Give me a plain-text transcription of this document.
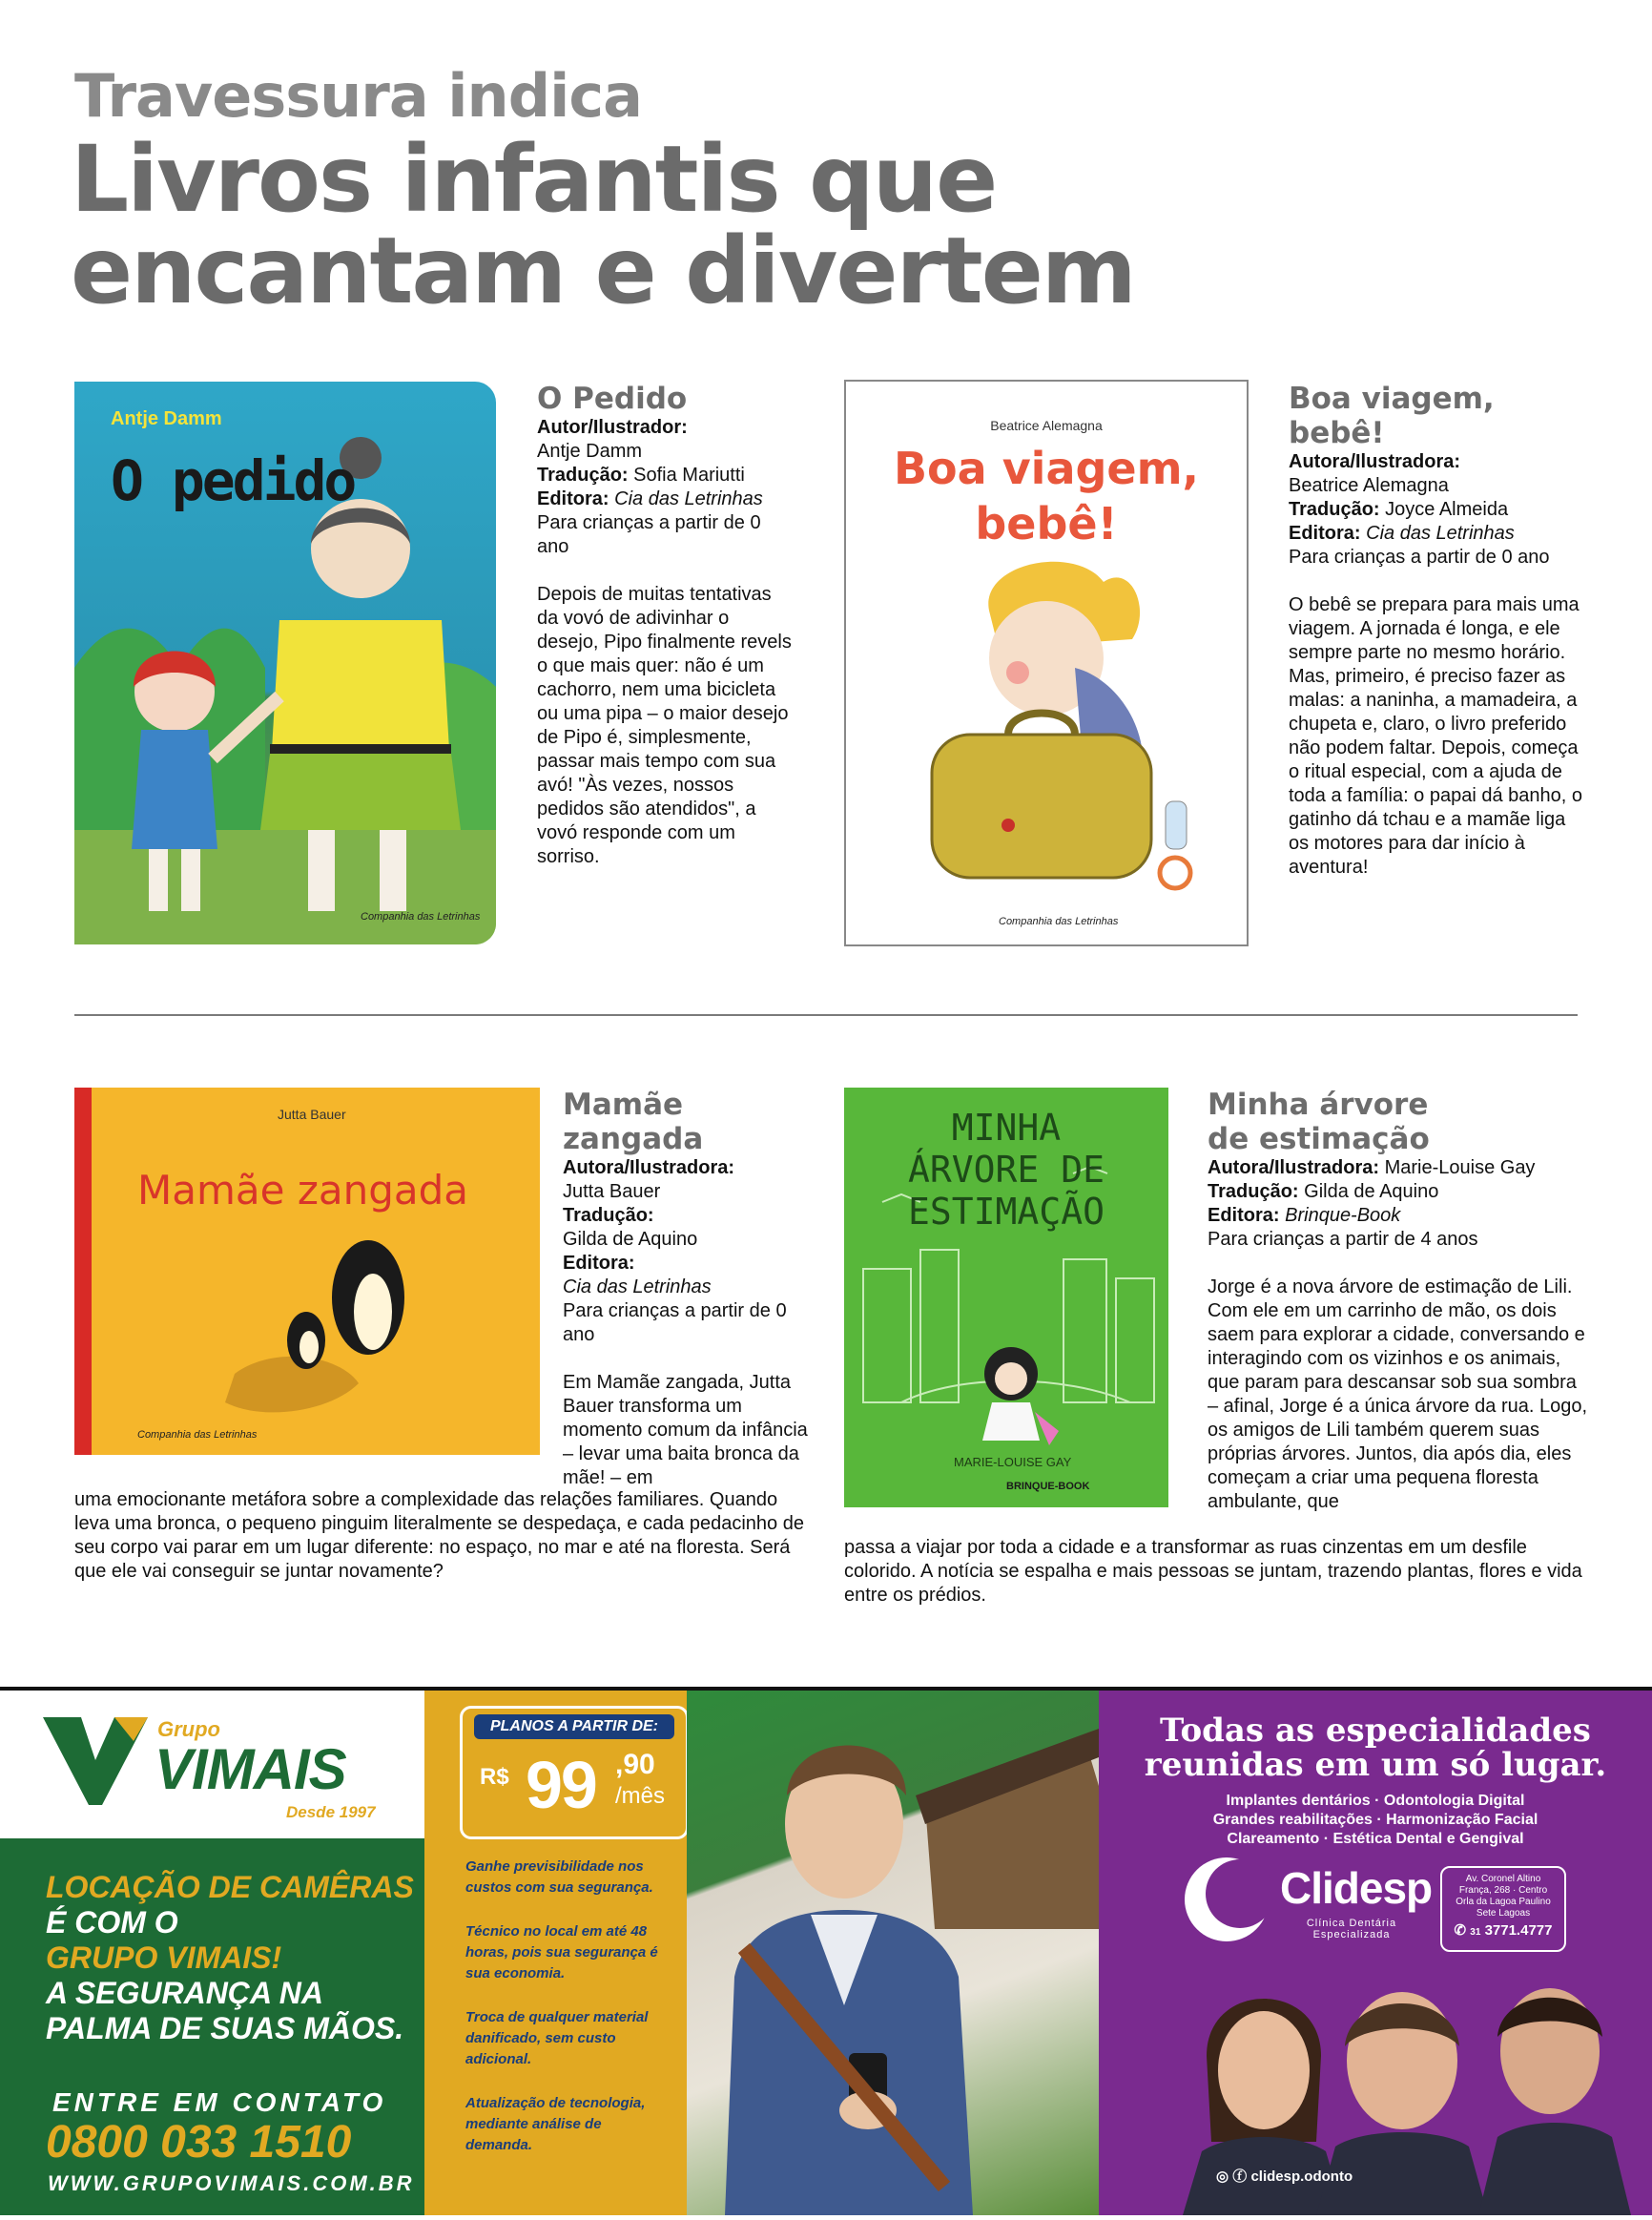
Travessura indica
Livros infantis que
encantam e divertem
Antje Damm
O pedido
Companhia das Letrinhas
O Pedido
Autor/Ilustrador:
Antje Damm
Tradução: Sofia Mariutti
Editora: Cia das Letrinhas
Para crianças a partir de 0 ano
Depois de muitas tentativas da vovó de adivinhar o desejo, Pipo finalmente revels o que mais quer: não é um cachorro, nem uma bicicleta ou uma pipa – o maior desejo de Pipo é, simplesmente, passar mais tempo com sua avó! "Às vezes, nossos pedidos são atendidos", a vovó responde com um sorriso.
Beatrice Alemagna
Boa viagem, bebê!
Companhia das Letrinhas
Boa viagem,
bebê!
Autora/Ilustradora:
Beatrice Alemagna
Tradução: Joyce Almeida
Editora: Cia das Letrinhas
Para crianças a partir de 0 ano
O bebê se prepara para mais uma viagem. A jornada é longa, e ele sempre parte no mesmo horário. Mas, primeiro, é preciso fazer as malas: a naninha, a mamadeira, a chupeta e, claro, o livro preferido não podem faltar. Depois, começa o ritual especial, com a ajuda de toda a família: o papai dá banho, o gatinho dá tchau e a mamãe liga os motores para dar início à aventura!
Jutta Bauer
Mamãe zangada
Companhia das Letrinhas
Mamãe
zangada
Autora/Ilustradora:
Jutta Bauer
Tradução:
Gilda de Aquino
Editora:
Cia das Letrinhas
Para crianças a partir de 0 ano
Em Mamãe zangada, Jutta Bauer transforma um momento comum da infância – levar uma baita bronca da mãe! – em
uma emocionante metáfora sobre a complexidade das relações familiares. Quando leva uma bronca, o pequeno pinguim literalmente se despedaça, e cada pedacinho de seu corpo vai parar em um lugar diferente: no espaço, no mar e até na floresta. Será que ele vai conseguir se juntar novamente?
MINHA
ÁRVORE DE
ESTIMAÇÃO
MARIE-LOUISE GAY
BRINQUE-BOOK
Minha árvore
de estimação
Autora/Ilustradora: Marie-Louise Gay
Tradução: Gilda de Aquino
Editora: Brinque-Book
Para crianças a partir de 4 anos
Jorge é a nova árvore de estimação de Lili. Com ele em um carrinho de mão, os dois saem para explorar a cidade, conversando e interagindo com os vizinhos e os animais, que param para descansar sob sua sombra – afinal, Jorge é a única árvore da rua. Logo, os amigos de Lili também querem suas próprias árvores. Juntos, dia após dia, eles começam a criar uma pequena floresta ambulante, que
passa a viajar por toda a cidade e a transformar as ruas cinzentas em um desfile colorido. A notícia se espalha e mais pessoas se juntam, trazendo plantas, flores e vida entre os prédios.
Grupo
VIMAIS
Desde 1997
LOCAÇÃO DE CAMÊRAS
É COM O
GRUPO VIMAIS!
A SEGURANÇA NA
PALMA DE SUAS MÃOS.
ENTRE EM CONTATO
0800 033 1510
WWW.GRUPOVIMAIS.COM.BR
PLANOS A PARTIR DE:
R$ 99 ,90
/mês
Ganhe previsibilidade nos custos com sua segurança.
Técnico no local em até 48 horas, pois sua segurança é sua economia.
Troca de qualquer material danificado, sem custo adicional.
Atualização de tecnologia, mediante análise de demanda.
Todas as especialidades
reunidas em um só lugar.
Implantes dentários · Odontologia Digital
Grandes reabilitações · Harmonização Facial
Clareamento · Estética Dental e Gengival
Clidesp
Clínica Dentária
Especializada
Av. Coronel Altino
França, 268 · Centro
Orla da Lagoa Paulino
Sete Lagoas
✆ 31 3771.4777
◎ ⓕ clidesp.odonto
